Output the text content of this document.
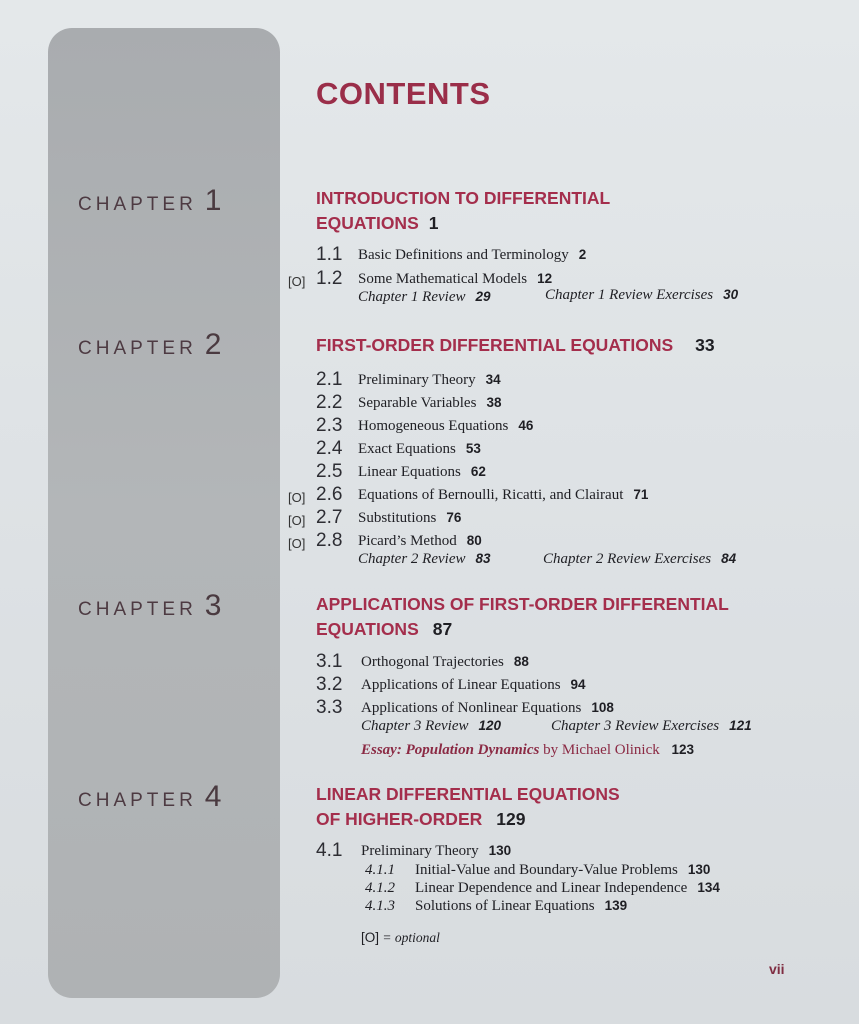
CHAPTER 1
CHAPTER 2
CHAPTER 3
CHAPTER 4
CONTENTS
INTRODUCTION TO DIFFERENTIAL
EQUATIONS 1
1.1 Basic Definitions and Terminology 2
[O] 1.2 Some Mathematical Models 12
Chapter 1 Review 29	Chapter 1 Review Exercises 30
FIRST-ORDER DIFFERENTIAL EQUATIONS 33
2.1 Preliminary Theory 34
2.2 Separable Variables 38
2.3 Homogeneous Equations 46
2.4 Exact Equations 53
2.5 Linear Equations 62
[O] 2.6 Equations of Bernoulli, Ricatti, and Clairaut 71
[O] 2.7 Substitutions 76
[O] 2.8 Picard’s Method 80
Chapter 2 Review 83	Chapter 2 Review Exercises 84
APPLICATIONS OF FIRST-ORDER DIFFERENTIAL
EQUATIONS 87
3.1 Orthogonal Trajectories 88
3.2 Applications of Linear Equations 94
3.3 Applications of Nonlinear Equations 108
Chapter 3 Review 120	Chapter 3 Review Exercises 121
Essay: Population Dynamics by Michael Olinick 123
LINEAR DIFFERENTIAL EQUATIONS
OF HIGHER-ORDER 129
4.1 Preliminary Theory 130
4.1.1 Initial-Value and Boundary-Value Problems 130
4.1.2 Linear Dependence and Linear Independence 134
4.1.3 Solutions of Linear Equations 139
[O] = optional
vii
